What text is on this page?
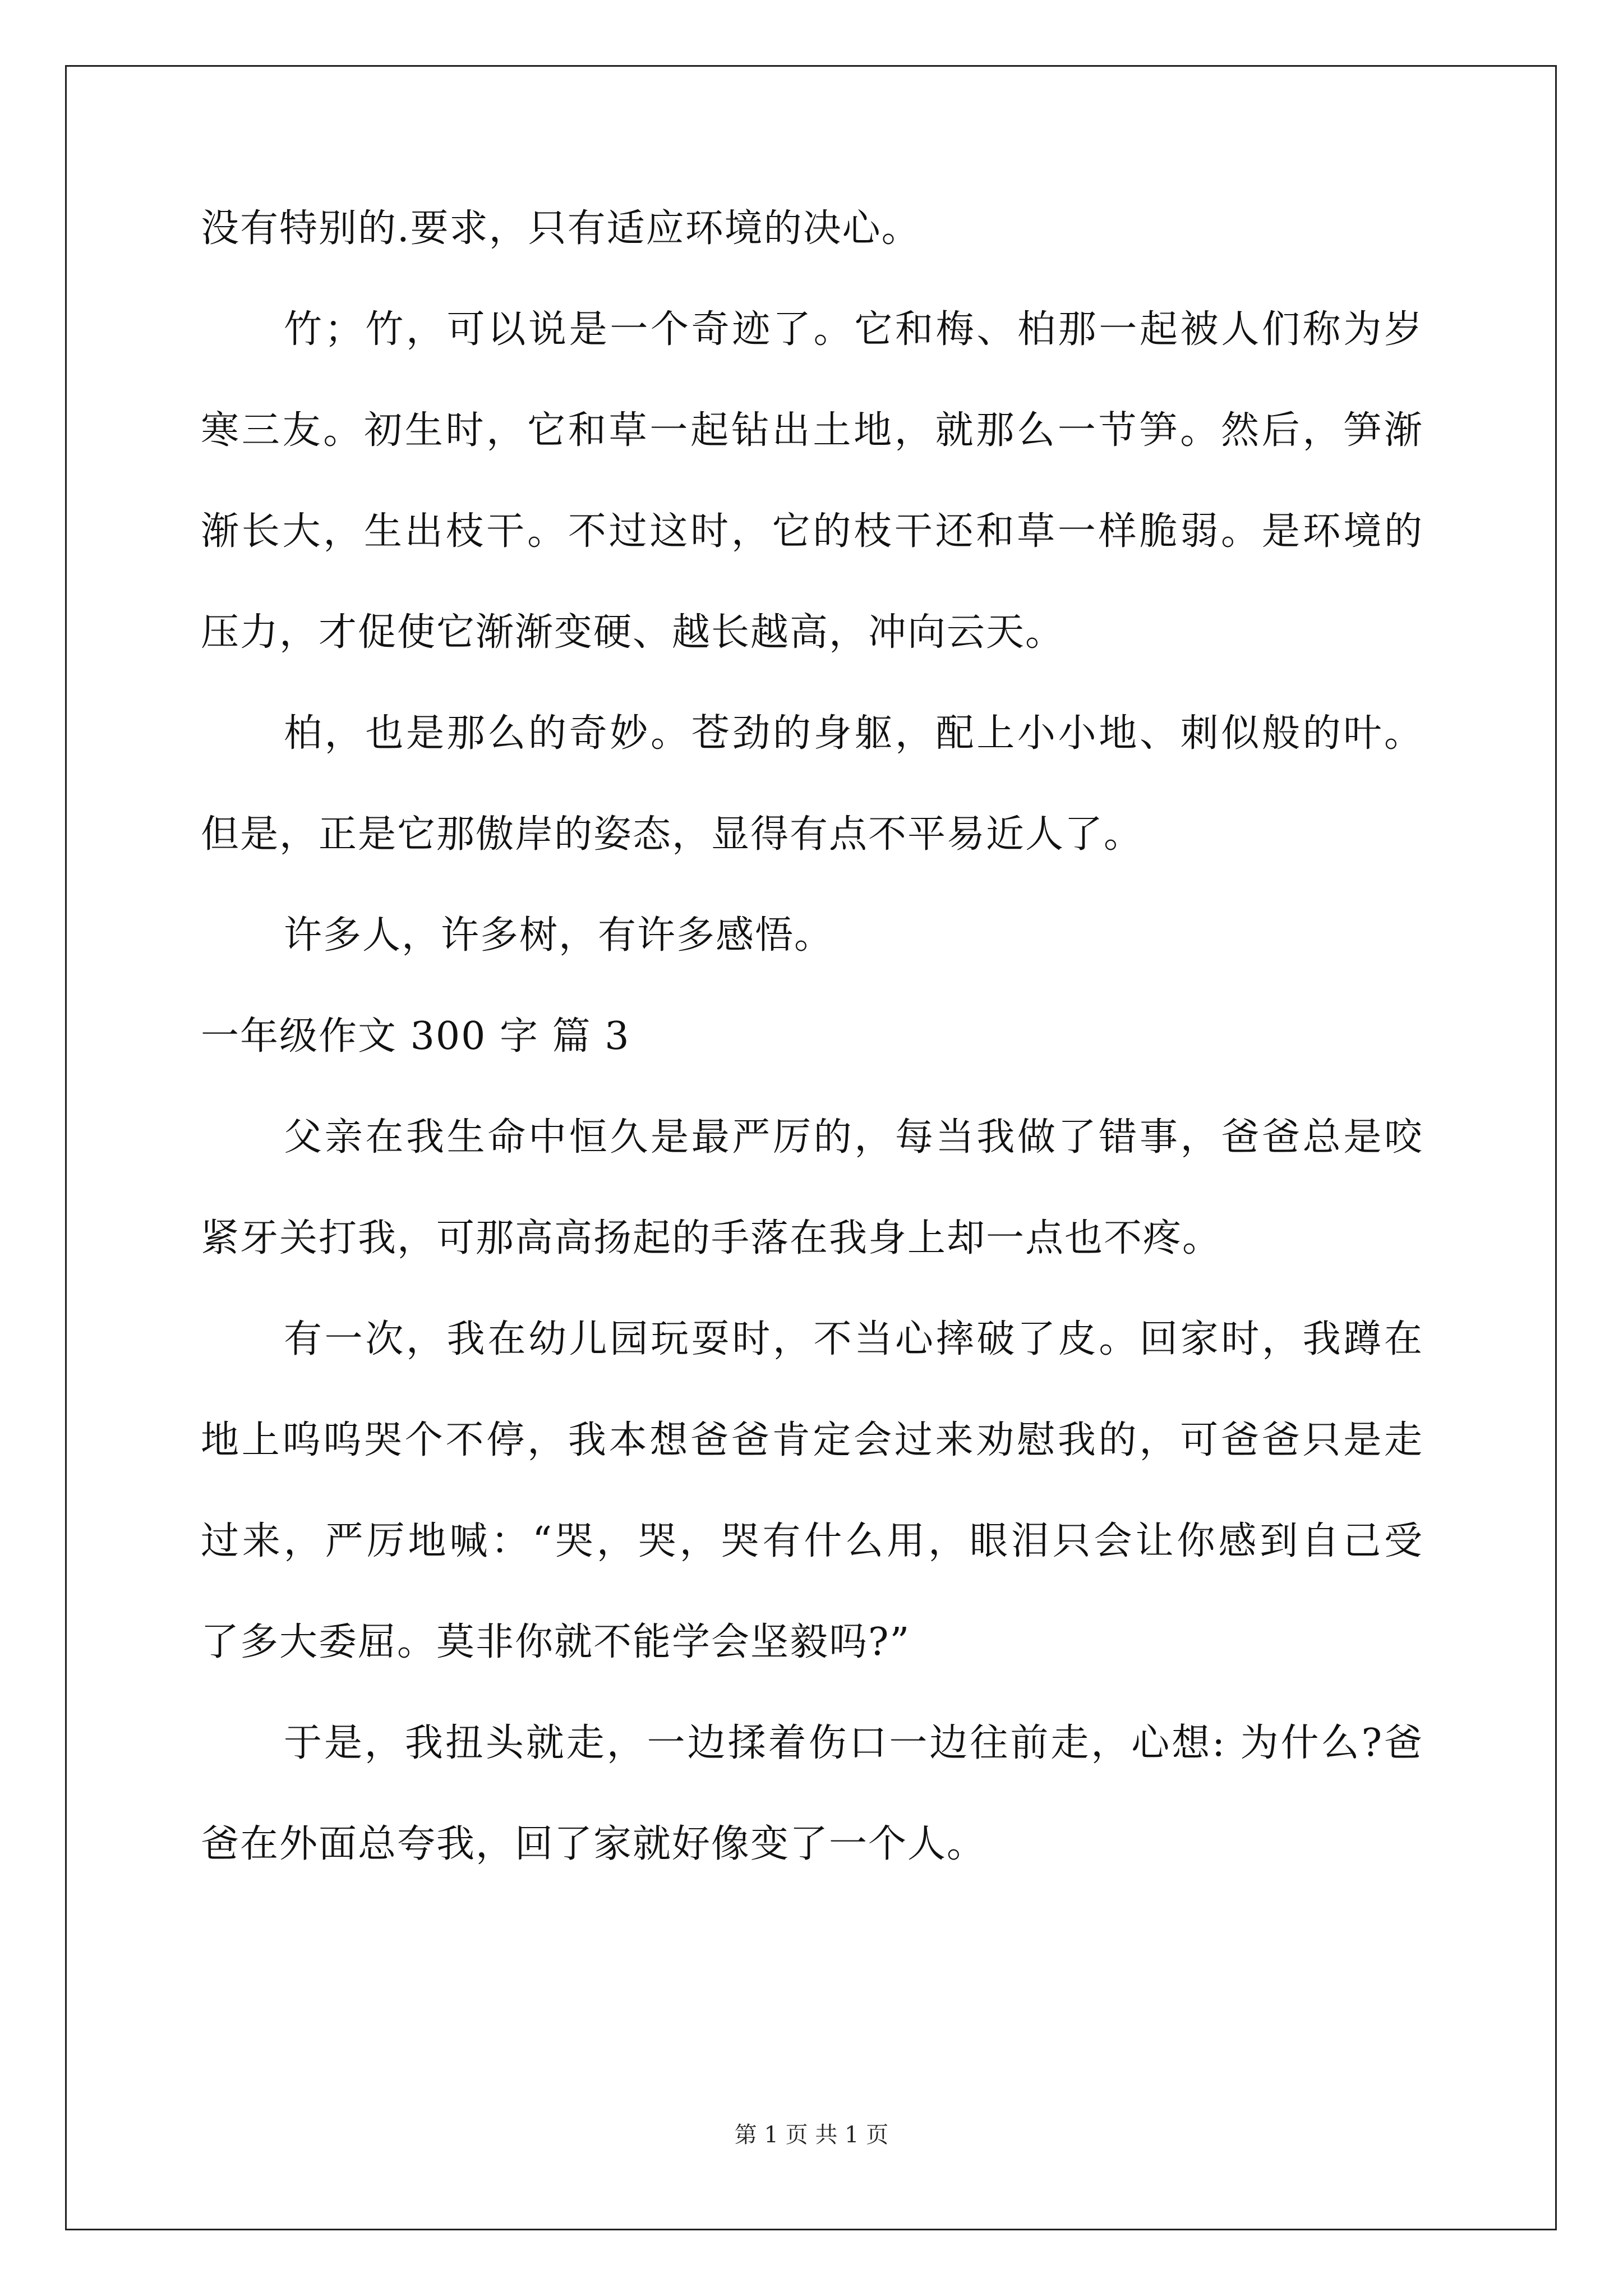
没有特别的.要求，只有适应环境的决心。
竹；竹，可以说是一个奇迹了。它和梅、柏那一起被人们称为岁
寒三友。初生时，它和草一起钻出土地，就那么一节笋。然后，笋渐
渐长大，生出枝干。不过这时，它的枝干还和草一样脆弱。是环境的
压力，才促使它渐渐变硬、越长越高，冲向云天。
柏，也是那么的奇妙。苍劲的身躯，配上小小地、刺似般的叶。
但是，正是它那傲岸的姿态，显得有点不平易近人了。
许多人，许多树，有许多感悟。
一年级作文 300 字 篇 3
父亲在我生命中恒久是最严厉的，每当我做了错事，爸爸总是咬
紧牙关打我，可那高高扬起的手落在我身上却一点也不疼。
有一次，我在幼儿园玩耍时，不当心摔破了皮。回家时，我蹲在
地上呜呜哭个不停，我本想爸爸肯定会过来劝慰我的，可爸爸只是走
过来，严厉地喊：“哭，哭，哭有什么用，眼泪只会让你感到自己受
了多大委屈。莫非你就不能学会坚毅吗?”
于是，我扭头就走，一边揉着伤口一边往前走，心想: 为什么?爸
爸在外面总夸我，回了家就好像变了一个人。
第 1 页 共 1 页
